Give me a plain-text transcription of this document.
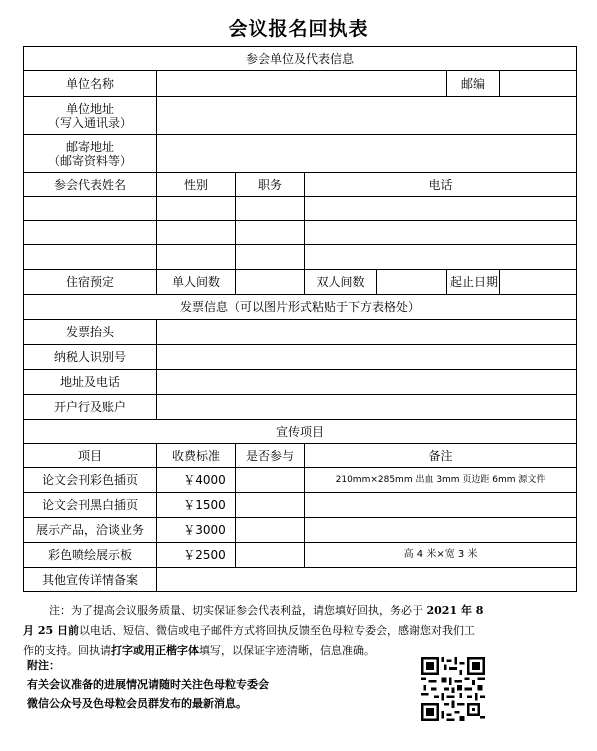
会议报名回执表
参会单位及代表信息						
单位名称					邮编	

单位地址
（写入通讯录）						

邮寄地址
（邮寄资料等）						

参会代表姓名	性别	职务	电话			

住宿预定	单人间数		双人间数		起止日期	
发票信息（可以图片形式粘贴于下方表格处）						
发票抬头						
纳税人识别号						
地址及电话						
开户行及账户						
宣传项目						
项目	收费标准	是否参与	备注			
论文会刊彩色插页	￥4000		210mm×285mm 出血 3mm 页边距 6mm 源文件			
论文会刊黑白插页	￥1500					
展示产品，洽谈业务	￥3000					
彩色喷绘展示板	￥2500		高 4 米×宽 3 米			
其他宣传详情备案						
注：为了提高会议服务质量、切实保证参会代表利益，请您填好回执，务必于 2021 年 8
月 25 日前以电话、短信、微信或电子邮件方式将回执反馈至色母粒专委会，感谢您对我们工
作的支持。回执请打字或用正楷字体填写，以保证字迹清晰，信息准确。
附注：
有关会议准备的进展情况请随时关注色母粒专委会
微信公众号及色母粒会员群发布的最新消息。
